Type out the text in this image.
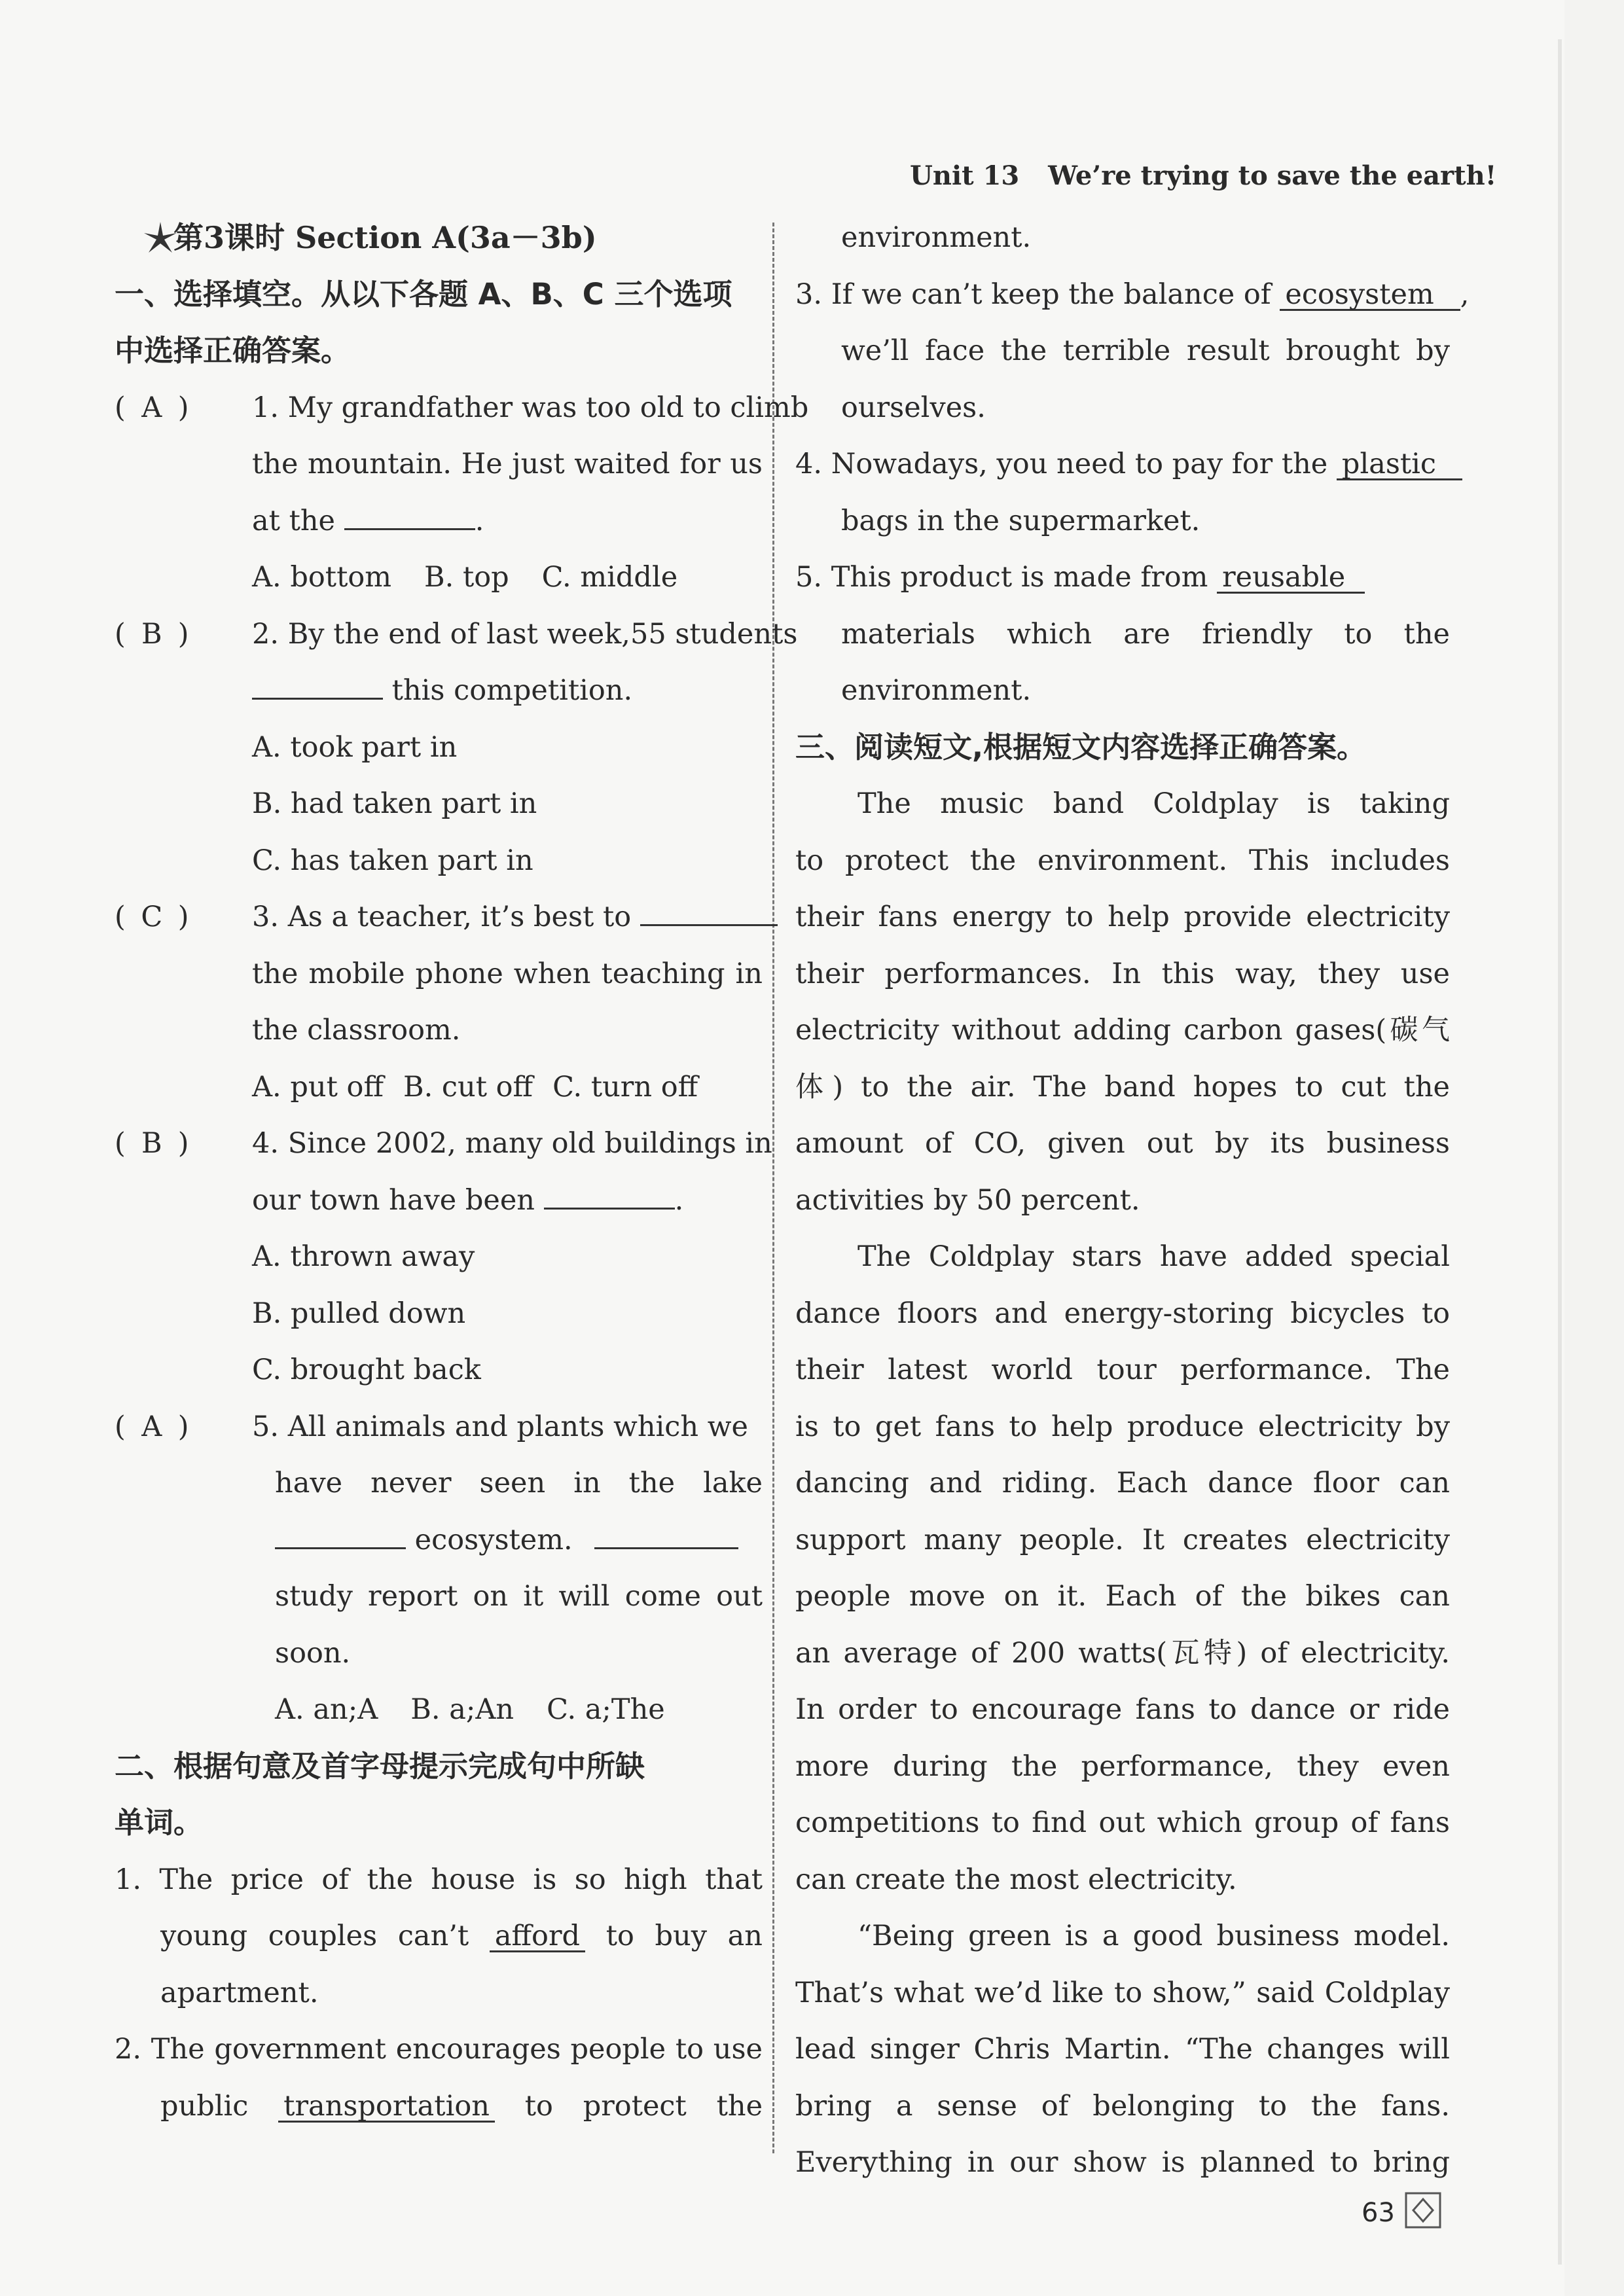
Unit 13 We’re trying to save the earth!
第3课时 Section A(3a－3b)
一、选择填空。从以下各题 A、B、C 三个选项
中选择正确答案。
( A ) 1. My grandfather was too old to climb
the mountain. He just waited for us
at the	.
A. bottom B. top C. middle
( B ) 2. By the end of last week,55 students
this competition.
A. took part in
B. had taken part in
C. has taken part in
( C ) 3. As a teacher, it’s best to
the mobile phone when teaching in
the classroom.
A. put off B. cut off C. turn off
( B ) 4. Since 2002, many old buildings in
our town have been	.
A. thrown away
B. pulled down
C. brought back
( A ) 5. All animals and plants which we
have never seen in the lake
ecosystem.
study report on it will come out
soon.
A. an;A B. a;An C. a;The
二、根据句意及首字母提示完成句中所缺
单词。
1. The price of the house is so high that
young couples can’t afford to buy an
apartment.
2. The government encourages people to use
public transportation to protect the
environment.
3. If we can’t keep the balance of ecosystem ,
we’ll face the terrible result brought by
ourselves.
4. Nowadays, you need to pay for the plastic
bags in the supermarket.
5. This product is made from reusable
materials which are friendly to the
environment.
三、阅读短文,根据短文内容选择正确答案。
The music band Coldplay is taking
to protect the environment. This includes
their fans energy to help provide electricity
their performances. In this way, they use
electricity without adding carbon gases(碳气
体) to the air. The band hopes to cut the
amount of CO, given out by its business
activities by 50 percent.
The Coldplay stars have added special
dance floors and energy-storing bicycles to
their latest world tour performance. The
is to get fans to help produce electricity by
dancing and riding. Each dance floor can
support many people. It creates electricity
people move on it. Each of the bikes can
an average of 200 watts(瓦特) of electricity.
In order to encourage fans to dance or ride
more during the performance, they even
competitions to find out which group of fans
can create the most electricity.
“Being green is a good business model.
That’s what we’d like to show,” said Coldplay
lead singer Chris Martin. “The changes will
bring a sense of belonging to the fans.
Everything in our show is planned to bring
63
